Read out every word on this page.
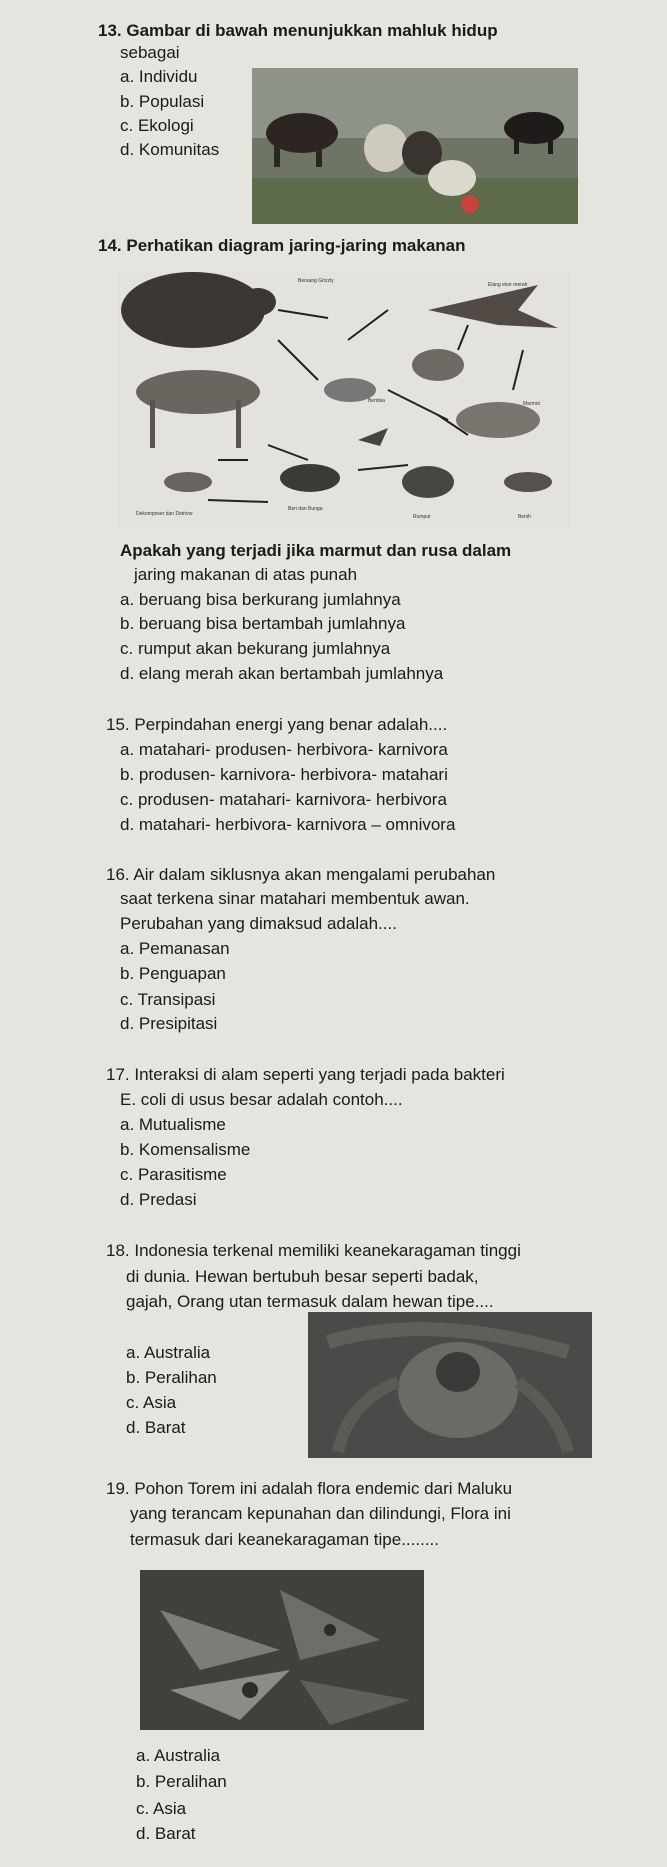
13. Gambar di bawah menunjukkan mahluk hidup
sebagai
a. Individu
b. Populasi
c. Ekologi
d. Komunitas
14. Perhatikan diagram jaring-jaring makanan
Beruang Grizzly
Elang ekor merah
Bembia	Marmot
Dekomposer dan Detrivor
Beri dan Bunga
Rumput	Benih
Apakah yang terjadi jika marmut dan rusa dalam
jaring makanan di atas punah
a. beruang bisa berkurang jumlahnya
b. beruang bisa bertambah jumlahnya
c. rumput akan bekurang jumlahnya
d. elang merah akan bertambah jumlahnya
15. Perpindahan energi yang benar adalah....
a. matahari- produsen- herbivora- karnivora
b. produsen- karnivora- herbivora- matahari
c. produsen- matahari- karnivora- herbivora
d. matahari- herbivora- karnivora – omnivora
16. Air dalam siklusnya akan mengalami perubahan
saat terkena sinar matahari membentuk awan.
Perubahan yang dimaksud adalah....
a. Pemanasan
b. Penguapan
c. Transipasi
d. Presipitasi
17. Interaksi di alam seperti yang terjadi pada bakteri
E. coli di usus besar adalah contoh....
a. Mutualisme
b. Komensalisme
c. Parasitisme
d. Predasi
18. Indonesia terkenal memiliki keanekaragaman tinggi
di dunia. Hewan bertubuh besar seperti badak,
gajah, Orang utan termasuk dalam hewan tipe....
a. Australia
b. Peralihan
c. Asia
d. Barat
19. Pohon Torem ini adalah flora endemic dari Maluku
yang terancam kepunahan dan dilindungi, Flora ini
termasuk dari keanekaragaman tipe........
a. Australia
b. Peralihan
c. Asia
d. Barat
